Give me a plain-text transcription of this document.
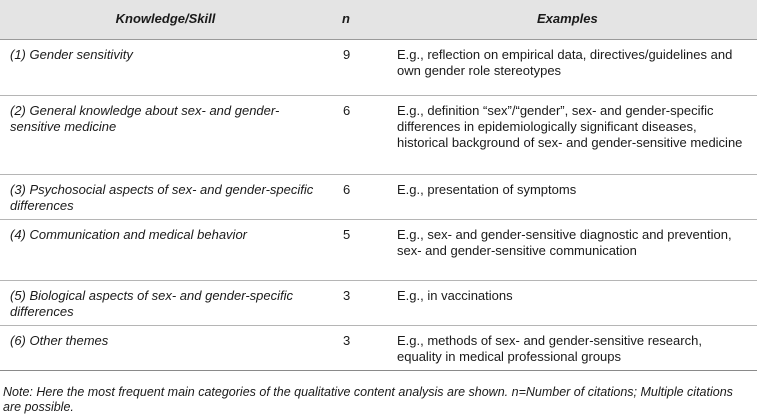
Knowledge/Skill	n	Examples
(1) Gender sensitivity	9	E.g., reflection on empirical data, directives/guidelines and own gender role stereotypes
(2) General knowledge about sex- and gender-sensitive medicine	6	E.g., definition “sex”/“gender”, sex- and gender-specific differences in epidemiologically significant diseases, historical background of sex- and gender-sensitive medicine
(3) Psychosocial aspects of sex- and gender-specific differences	6	E.g., presentation of symptoms
(4) Communication and medical behavior	5	E.g., sex- and gender-sensitive diagnostic and prevention, sex- and gender-sensitive communication
(5) Biological aspects of sex- and gender-specific differences	3	E.g., in vaccinations
(6) Other themes	3	E.g., methods of sex- and gender-sensitive research, equality in medical professional groups
Note: Here the most frequent main categories of the qualitative content analysis are shown. n=Number of citations; Multiple citations are possible.
